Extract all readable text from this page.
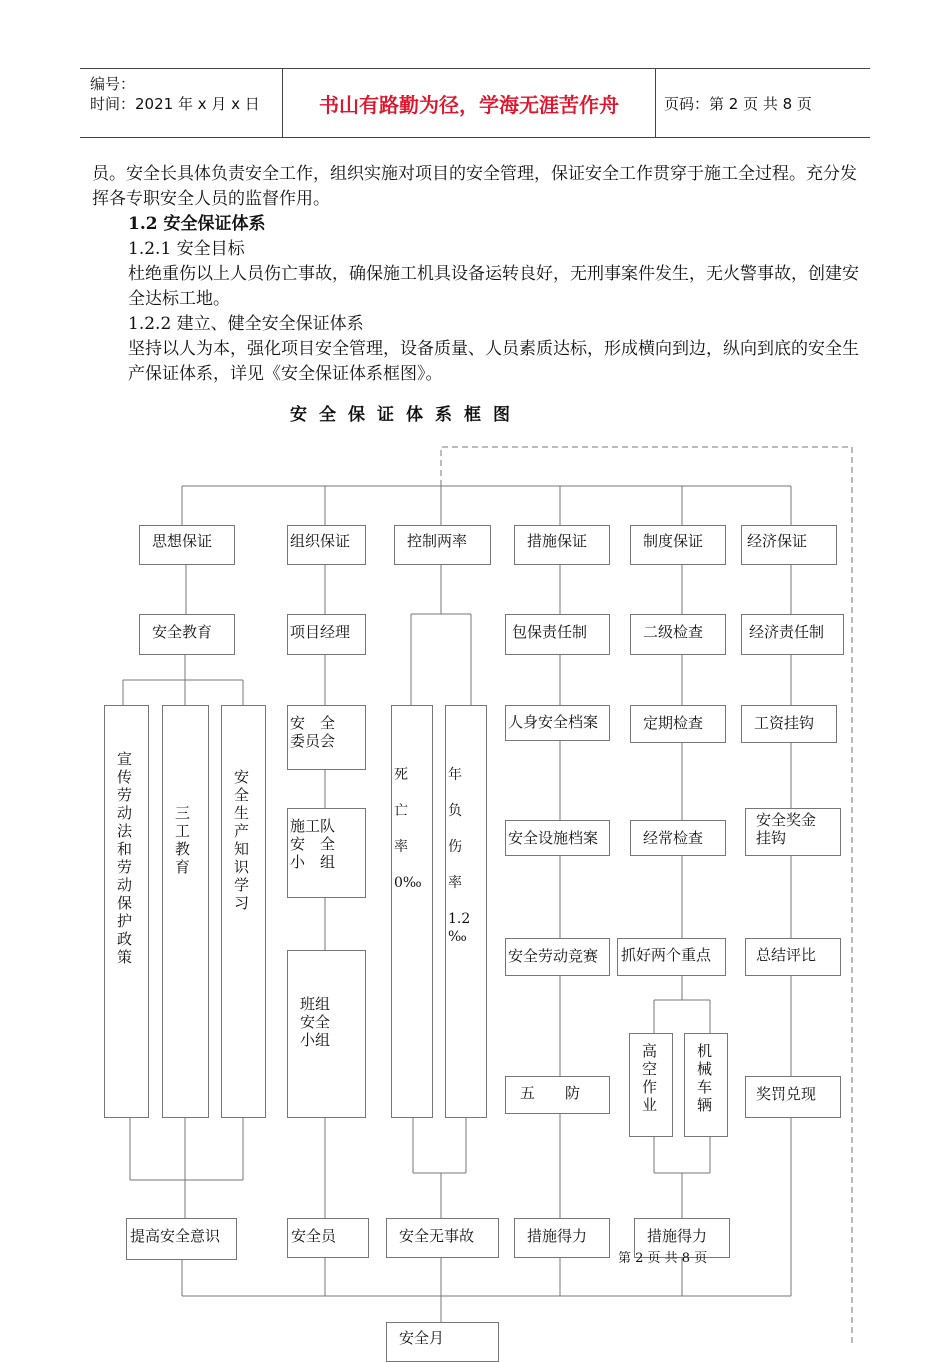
编号：
时间：2021 年 x 月 x 日	书山有路勤为径，学海无涯苦作舟	页码：第 2 页 共 8 页

员。安全长具体负责安全工作，组织实施对项目的安全管理，保证安全工作贯穿于施工全过程。充分发挥各专职安全人员的监督作用。

1.2 安全保证体系

1.2.1 安全目标

杜绝重伤以上人员伤亡事故，确保施工机具设备运转良好，无刑事案件发生，无火警事故，创建安全达标工地。

1.2.2 建立、健全安全保证体系

坚持以人为本，强化项目安全管理，设备质量、人员素质达标，形成横向到边，纵向到底的安全生产保证体系，详见《安全保证体系框图》。

安全保证体系框图
思想保证	组织保证	控制两率	措施保证	制度保证	经济保证
安全教育
宣
传
劳
动
法
和
劳
动
保
护
政
策
三
工
教
育
安
全
生
产
知
识
学
习
提高安全意识
项目经理
安　全
委员会
施工队
安　全
小　组
班组
安全
小组
安全员
死

亡

率

0‰
年

负

伤

率

1.2
‰
安全无事故
安全月
包保责任制
人身安全档案
安全设施档案
安全劳动竞赛
五　　防
措施得力
二级检查
定期检查
经常检查
抓好两个重点
高
空
作
业
机
械
车
辆
措施得力
经济责任制
工资挂钩
安全奖金
挂钩
总结评比
奖罚兑现
第 2 页 共 8 页
